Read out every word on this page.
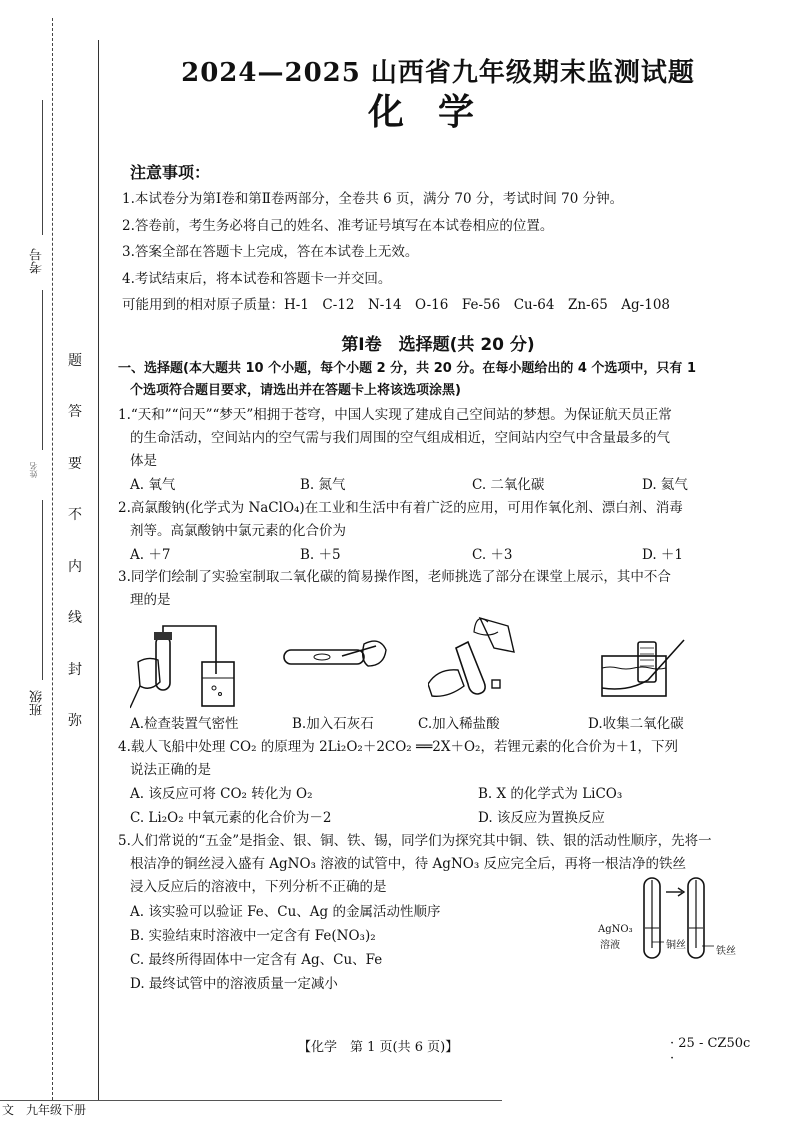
考号
姓名
班级
题
答
要
不
内
线
封
弥
2024—2025 山西省九年级期末监测试题
化学
注意事项：
1.本试卷分为第Ⅰ卷和第Ⅱ卷两部分，全卷共 6 页，满分 70 分，考试时间 70 分钟。
2.答卷前，考生务必将自己的姓名、准考证号填写在本试卷相应的位置。
3.答案全部在答题卡上完成，答在本试卷上无效。
4.考试结束后，将本试卷和答题卡一并交回。
可能用到的相对原子质量：H-1　C-12　N-14　O-16　Fe-56　Cu-64　Zn-65　Ag-108
第Ⅰ卷　选择题(共 20 分)
一、选择题(本大题共 10 个小题，每个小题 2 分，共 20 分。在每小题给出的 4 个选项中，只有 1
个选项符合题目要求，请选出并在答题卡上将该选项涂黑)
1.“天和”“问天”“梦天”相拥于苍穹，中国人实现了建成自己空间站的梦想。为保证航天员正常
的生命活动，空间站内的空气需与我们周围的空气组成相近，空间站内空气中含量最多的气
体是
A. 氧气	B. 氮气	C. 二氧化碳	D. 氦气
2.高氯酸钠(化学式为 NaClO₄)在工业和生活中有着广泛的应用，可用作氧化剂、漂白剂、消毒
剂等。高氯酸钠中氯元素的化合价为
A. ＋7	B. ＋5	C. ＋3	D. ＋1
3.同学们绘制了实验室制取二氧化碳的简易操作图，老师挑选了部分在课堂上展示，其中不合
理的是
A.检查装置气密性	B.加入石灰石	C.加入稀盐酸	D.收集二氧化碳
4.载人飞船中处理 CO₂ 的原理为 2Li₂O₂＋2CO₂ ══2X＋O₂，若锂元素的化合价为＋1，下列
说法正确的是
A. 该反应可将 CO₂ 转化为 O₂	B. X 的化学式为 LiCO₃
C. Li₂O₂ 中氧元素的化合价为－2	D. 该反应为置换反应
5.人们常说的“五金”是指金、银、铜、铁、锡，同学们为探究其中铜、铁、银的活动性顺序，先将一
根洁净的铜丝浸入盛有 AgNO₃ 溶液的试管中，待 AgNO₃ 反应完全后，再将一根洁净的铁丝
浸入反应后的溶液中，下列分析不正确的是
A. 该实验可以验证 Fe、Cu、Ag 的金属活动性顺序
B. 实验结束时溶液中一定含有 Fe(NO₃)₂
C. 最终所得固体中一定含有 Ag、Cu、Fe
D. 最终试管中的溶液质量一定减小
AgNO₃
溶液	铜丝
铁丝
【化学　第 1 页(共 6 页)】	· 25 - CZ50c ·
文　九年级下册
